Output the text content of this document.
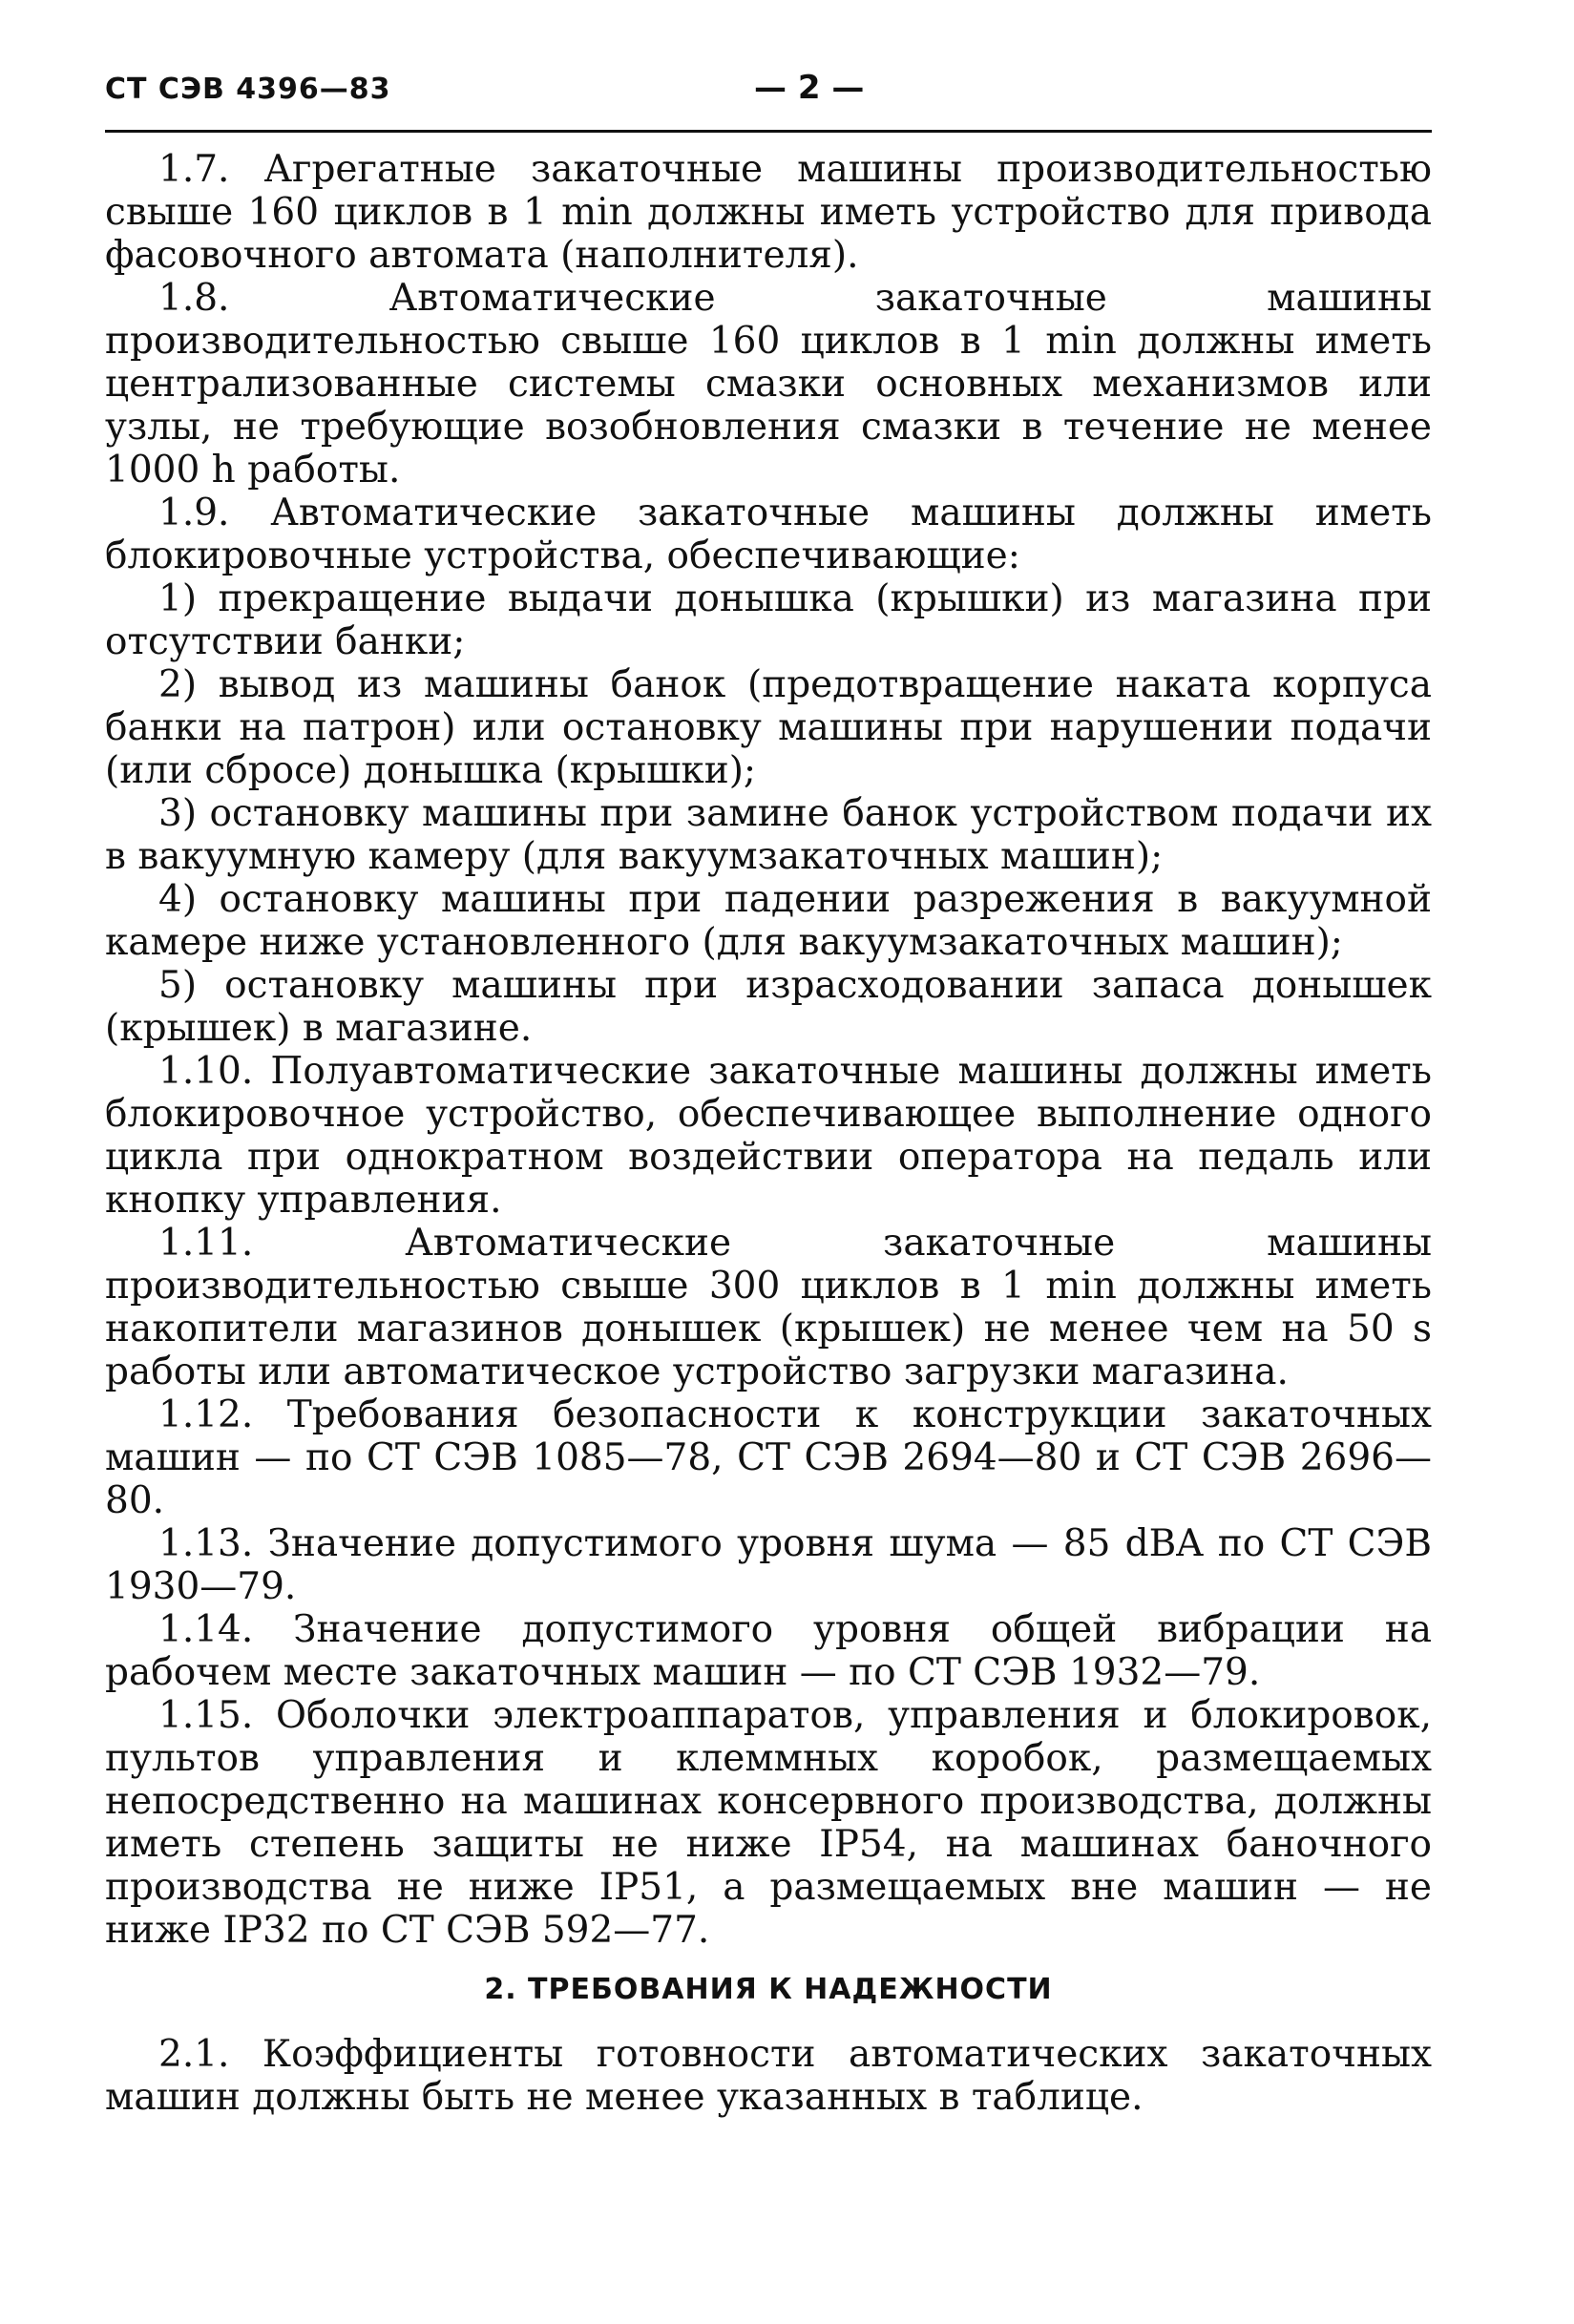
СТ СЭВ 4396—83	— 2 —

1.7. Агрегатные закаточные машины производительностью свыше 160 циклов в 1 min должны иметь устройство для привода фасовочного автомата (наполнителя).

1.8. Автоматические закаточные машины производительностью свыше 160 циклов в 1 min должны иметь централизованные системы смазки основных механизмов или узлы, не требующие возобновления смазки в течение не менее 1000 h работы.

1.9. Автоматические закаточные машины должны иметь блокировочные устройства, обеспечивающие:

1) прекращение выдачи донышка (крышки) из магазина при отсутствии банки;

2) вывод из машины банок (предотвращение наката корпуса банки на патрон) или остановку машины при нарушении подачи (или сбросе) донышка (крышки);

3) остановку машины при замине банок устройством подачи их в вакуумную камеру (для вакуумзакаточных машин);

4) остановку машины при падении разрежения в вакуумной камере ниже установленного (для вакуумзакаточных машин);

5) остановку машины при израсходовании запаса донышек (крышек) в магазине.

1.10. Полуавтоматические закаточные машины должны иметь блокировочное устройство, обеспечивающее выполнение одного цикла при однократном воздействии оператора на педаль или кнопку управления.

1.11. Автоматические закаточные машины производительностью свыше 300 циклов в 1 min должны иметь накопители магазинов донышек (крышек) не менее чем на 50 s работы или автоматическое устройство загрузки магазина.

1.12. Требования безопасности к конструкции закаточных машин — по СТ СЭВ 1085—78, СТ СЭВ 2694—80 и СТ СЭВ 2696—80.

1.13. Значение допустимого уровня шума — 85 dBA по СТ СЭВ 1930—79.

1.14. Значение допустимого уровня общей вибрации на рабочем месте закаточных машин — по СТ СЭВ 1932—79.

1.15. Оболочки электроаппаратов, управления и блокировок, пультов управления и клеммных коробок, размещаемых непосредственно на машинах консервного производства, должны иметь степень защиты не ниже IP54, на машинах баночного производства не ниже IP51, а размещаемых вне машин — не ниже IP32 по СТ СЭВ 592—77.

2. ТРЕБОВАНИЯ К НАДЕЖНОСТИ

2.1. Коэффициенты готовности автоматических закаточных машин должны быть не менее указанных в таблице.
